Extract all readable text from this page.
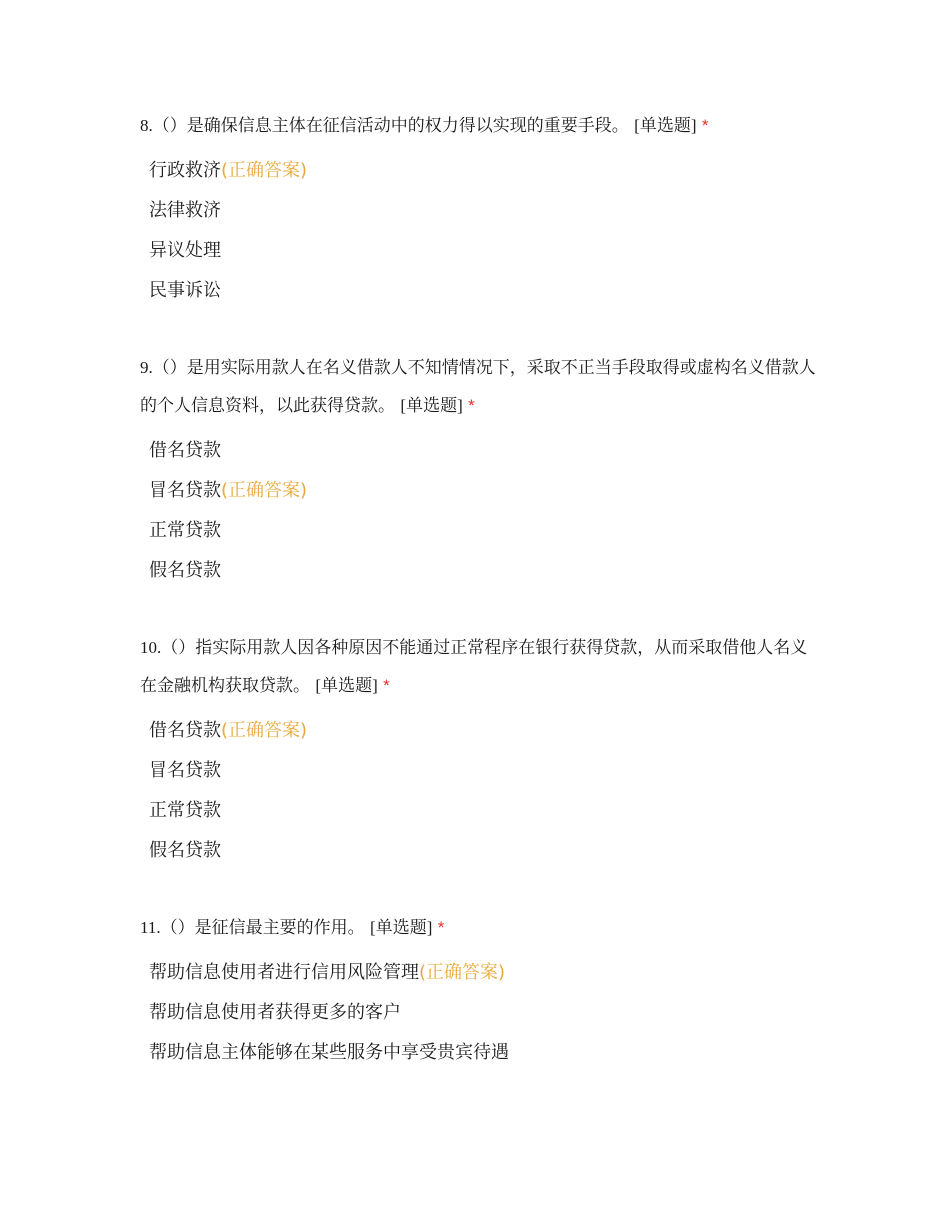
8.（）是确保信息主体在征信活动中的权力得以实现的重要手段。 [单选题] *

行政救济(正确答案)
法律救济
异议处理
民事诉讼

9.（）是用实际用款人在名义借款人不知情情况下，采取不正当手段取得或虚构名义借款人的个人信息资料，以此获得贷款。 [单选题] *

借名贷款
冒名贷款(正确答案)
正常贷款
假名贷款

10.（）指实际用款人因各种原因不能通过正常程序在银行获得贷款，从而采取借他人名义在金融机构获取贷款。 [单选题] *

借名贷款(正确答案)
冒名贷款
正常贷款
假名贷款

11.（）是征信最主要的作用。 [单选题] *

帮助信息使用者进行信用风险管理(正确答案)
帮助信息使用者获得更多的客户
帮助信息主体能够在某些服务中享受贵宾待遇
